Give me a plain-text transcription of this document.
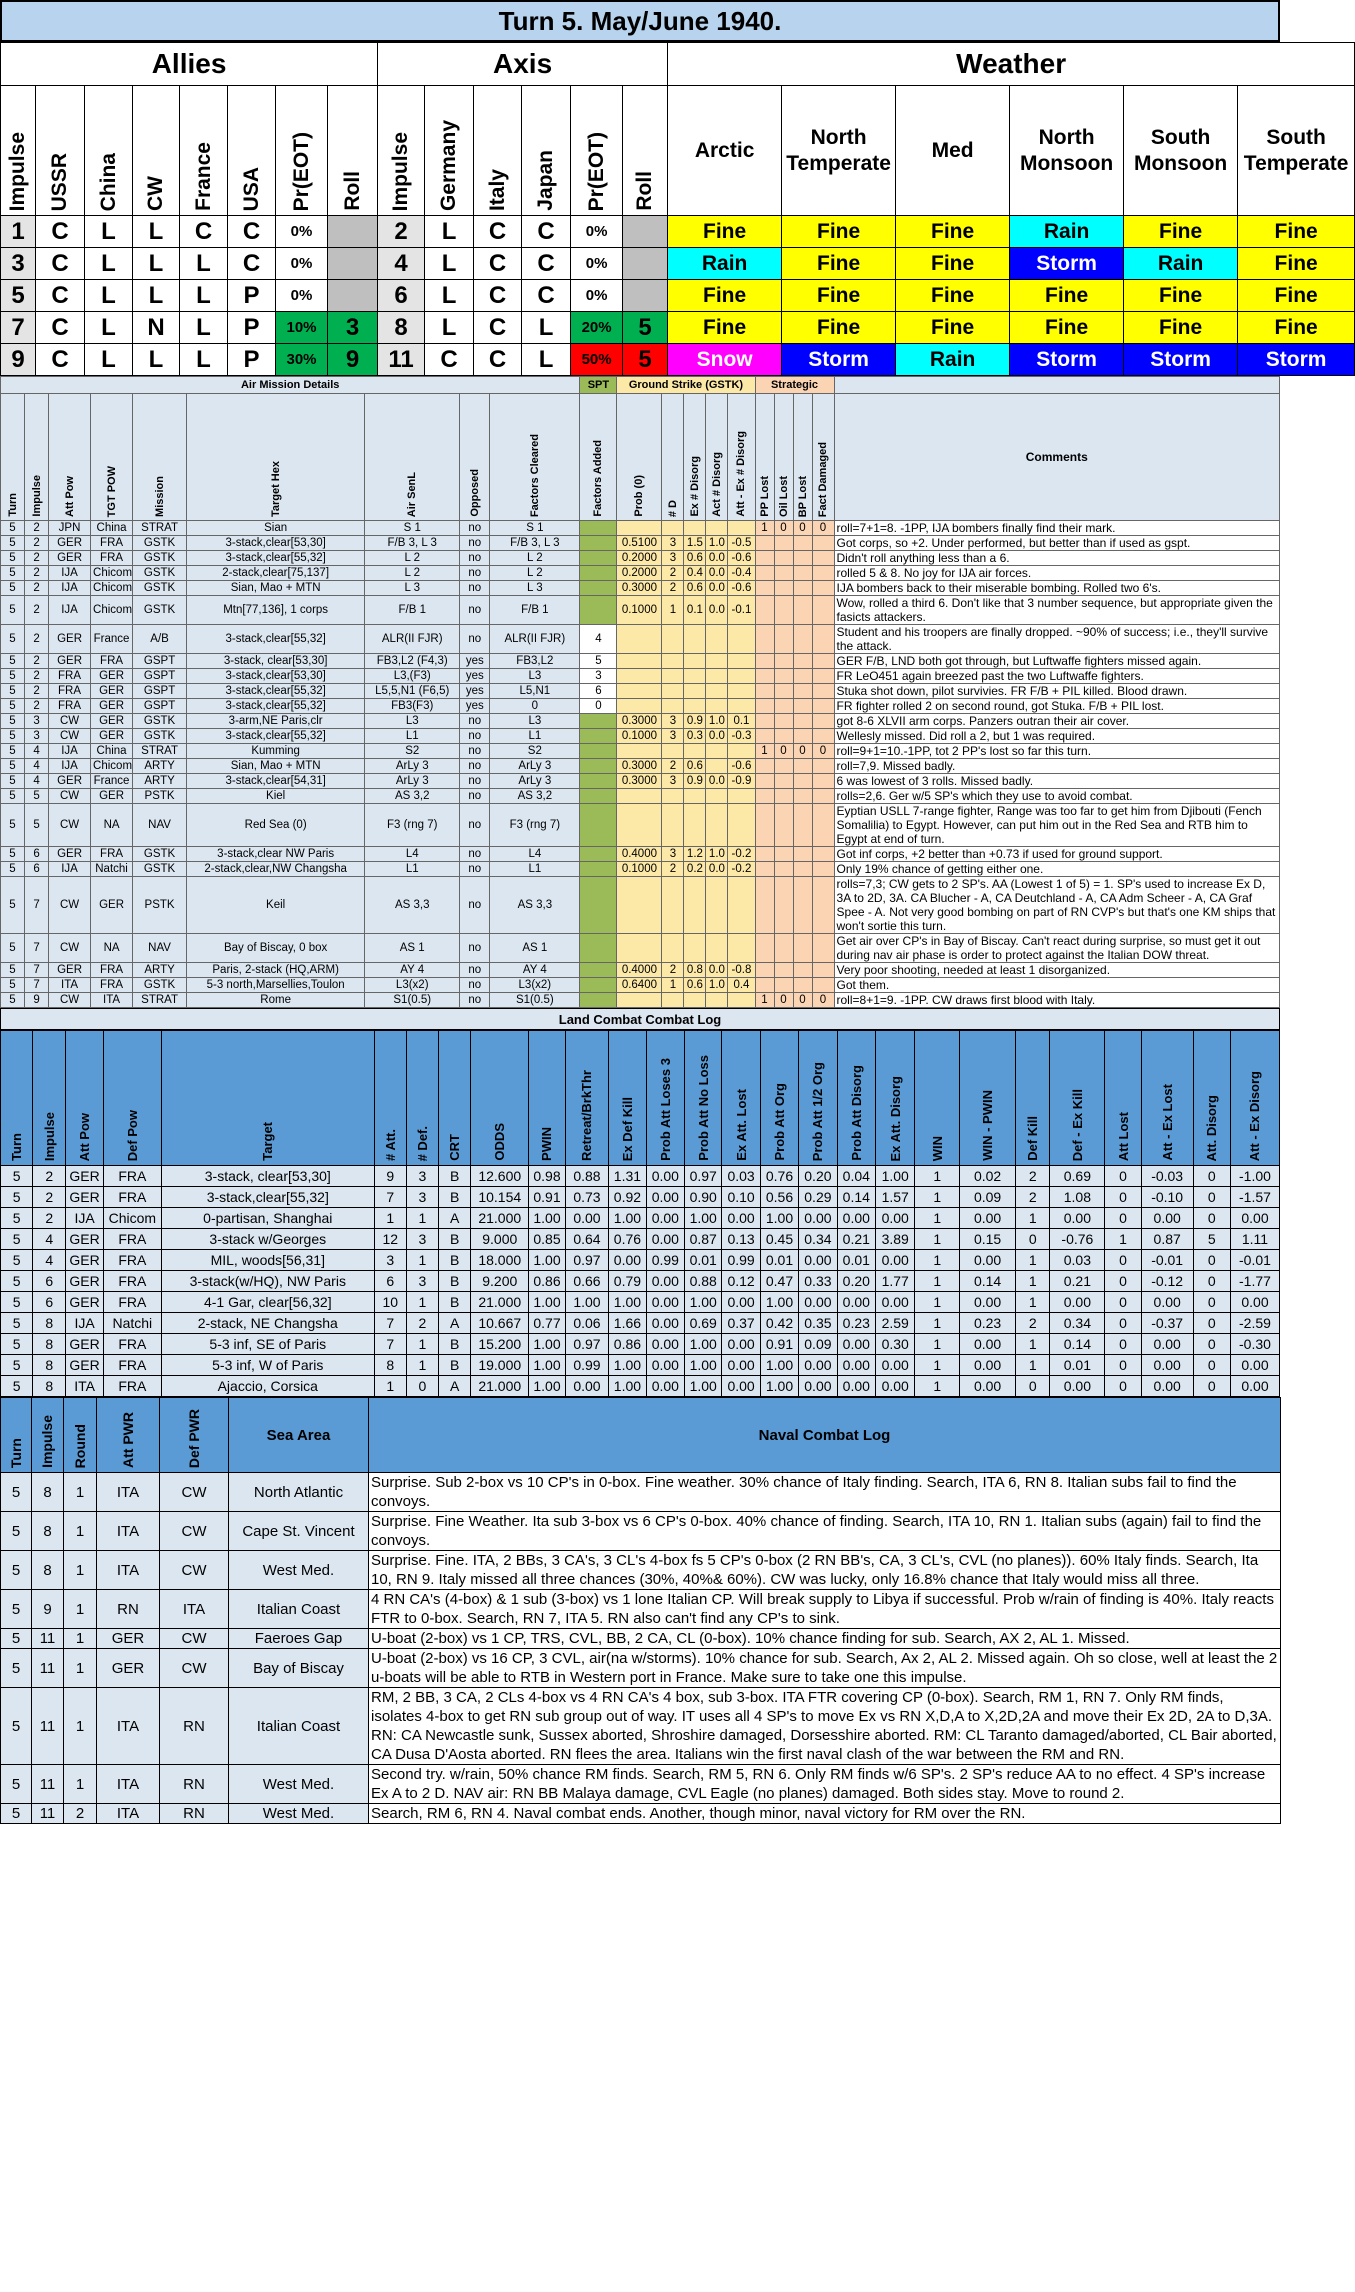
Turn 5. May/June 1940.
Allies								Axis						Weather					

Impulse	USSR	China	CW	France	USA	Pr(EOT)	Roll	Impulse	Germany	Italy	Japan	Pr(EOT)	Roll	Arctic	North Temperate	Med	North Monsoon	South Monsoon	South Temperate
1	C	L	L	C	C	0%		2	L	C	C	0%		Fine	Fine	Fine	Rain	Fine	Fine
3	C	L	L	L	C	0%		4	L	C	C	0%		Rain	Fine	Fine	Storm	Rain	Fine
5	C	L	L	L	P	0%		6	L	C	C	0%		Fine	Fine	Fine	Fine	Fine	Fine
7	C	L	N	L	P	10%	3	8	L	C	L	20%	5	Fine	Fine	Fine	Fine	Fine	Fine
9	C	L	L	L	P	30%	9	11	C	C	L	50%	5	Snow	Storm	Rain	Storm	Storm	Storm
Air Mission Details									SPT	Ground Strike (GSTK)					Strategic				

Turn	Impulse	Att Pow	TGT POW	Mission	Target Hex	Air SenL	Opposed	Factors Cleared	Factors Added	Prob (0)	# D	Ex # Disorg	Act # Disorg	Att - Ex # Disorg	PP Lost	Oil Lost	BP Lost	Fact Damaged	Comments
5	2	JPN	China	STRAT	Sian	S 1	no	S 1							1	0	0	0	roll=7+1=8. -1PP, IJA bombers finally find their mark.
5	2	GER	FRA	GSTK	3-stack,clear[53,30]	F/B 3, L 3	no	F/B 3, L 3		0.5100	3	1.5	1.0	-0.5					Got corps, so +2. Under performed, but better than if used as gspt.
5	2	GER	FRA	GSTK	3-stack,clear[55,32]	L 2	no	L 2		0.2000	3	0.6	0.0	-0.6					Didn't roll anything less than a 6.
5	2	IJA	Chicom	GSTK	2-stack,clear[75,137]	L 2	no	L 2		0.2000	2	0.4	0.0	-0.4					rolled 5 & 8. No joy for IJA air forces.
5	2	IJA	Chicom	GSTK	Sian, Mao + MTN	L 3	no	L 3		0.3000	2	0.6	0.0	-0.6					IJA bombers back to their miserable bombing. Rolled two 6's.
5	2	IJA	Chicom	GSTK	Mtn[77,136], 1 corps	F/B 1	no	F/B 1		0.1000	1	0.1	0.0	-0.1					Wow, rolled a third 6. Don't like that 3 number sequence, but appropriate given the fasicts attackers.
5	2	GER	France	A/B	3-stack,clear[55,32]	ALR(II FJR)	no	ALR(II FJR)	4										Student and his troopers are finally dropped. ~90% of success; i.e., they'll survive the attack.
5	2	GER	FRA	GSPT	3-stack, clear[53,30]	FB3,L2 (F4,3)	yes	FB3,L2	5										GER F/B, LND both got through, but Luftwaffe fighters missed again.
5	2	FRA	GER	GSPT	3-stack,clear[53,30]	L3,(F3)	yes	L3	3										FR LeO451 again breezed past the two Luftwaffe fighters.
5	2	FRA	GER	GSPT	3-stack,clear[55,32]	L5,5,N1 (F6,5)	yes	L5,N1	6										Stuka shot down, pilot survivies. FR F/B + PIL killed. Blood drawn.
5	2	FRA	GER	GSPT	3-stack,clear[55,32]	FB3(F3)	yes	0	0										FR fighter rolled 2 on second round, got Stuka. F/B + PIL lost.
5	3	CW	GER	GSTK	3-arm,NE Paris,clr	L3	no	L3		0.3000	3	0.9	1.0	0.1					got 8-6 XLVII arm corps. Panzers outran their air cover.
5	3	CW	GER	GSTK	3-stack,clear[55,32]	L1	no	L1		0.1000	3	0.3	0.0	-0.3					Wellesly missed. Did roll a 2, but 1 was required.
5	4	IJA	China	STRAT	Kumming	S2	no	S2							1	0	0	0	roll=9+1=10.-1PP, tot 2 PP's lost so far this turn.
5	4	IJA	Chicom	ARTY	Sian, Mao + MTN	ArLy 3	no	ArLy 3		0.3000	2	0.6		-0.6					roll=7,9. Missed badly.
5	4	GER	France	ARTY	3-stack,clear[54,31]	ArLy 3	no	ArLy 3		0.3000	3	0.9	0.0	-0.9					6 was lowest of 3 rolls. Missed badly.
5	5	CW	GER	PSTK	Kiel	AS 3,2	no	AS 3,2											rolls=2,6. Ger w/5 SP's which they use to avoid combat.
5	5	CW	NA	NAV	Red Sea (0)	F3 (rng 7)	no	F3 (rng 7)											Eyptian USLL 7-range fighter, Range was too far to get him from Djibouti (Fench Somalilia) to Egypt. However, can put him out in the Red Sea and RTB him to Egypt at end of turn.
5	6	GER	FRA	GSTK	3-stack,clear NW Paris	L4	no	L4		0.4000	3	1.2	1.0	-0.2					Got inf corps, +2 better than +0.73 if used for ground support.
5	6	IJA	Natchi	GSTK	2-stack,clear,NW Changsha	L1	no	L1		0.1000	2	0.2	0.0	-0.2					Only 19% chance of getting either one.
5	7	CW	GER	PSTK	Keil	AS 3,3	no	AS 3,3											rolls=7,3; CW gets to 2 SP's. AA (Lowest 1 of 5) = 1. SP's used to increase Ex D, 3A to 2D, 3A. CA Blucher - A, CA Deutchland - A, CA Adm Scheer - A, CA Graf Spee - A. Not very good bombing on part of RN CVP's but that's one KM ships that won't sortie this turn.
5	7	CW	NA	NAV	Bay of Biscay, 0 box	AS 1	no	AS 1											Get air over CP's in Bay of Biscay. Can't react during surprise, so must get it out during nav air phase is order to protect against the Italian DOW threat.
5	7	GER	FRA	ARTY	Paris, 2-stack (HQ,ARM)	AY 4	no	AY 4		0.4000	2	0.8	0.0	-0.8					Very poor shooting, needed at least 1 disorganized.
5	7	ITA	FRA	GSTK	5-3 north,Marsellies,Toulon	L3(x2)	no	L3(x2)		0.6400	1	0.6	1.0	0.4					Got them.
5	9	CW	ITA	STRAT	Rome	S1(0.5)	no	S1(0.5)							1	0	0	0	roll=8+1=9. -1PP. CW draws first blood with Italy.
Land Combat Combat Log
Turn	Impulse	Att Pow	Def Pow	Target	# Att.	# Def.	CRT	ODDS	PWIN	Retreat/BrkThr	Ex Def Kill	Prob Att Loses 3	Prob Att No Loss	Ex Att. Lost	Prob Att Org	Prob Att 1/2 Org	Prob Att Disorg	Ex Att. Disorg	WIN	WIN - PWIN	Def Kill	Def - Ex Kill	Att Lost	Att - Ex Lost	Att. Disorg	Att - Ex Disorg

5	2	GER	FRA	3-stack, clear[53,30]	9	3	B	12.600	0.98	0.88	1.31	0.00	0.97	0.03	0.76	0.20	0.04	1.00	1	0.02	2	0.69	0	-0.03	0	-1.00
5	2	GER	FRA	3-stack,clear[55,32]	7	3	B	10.154	0.91	0.73	0.92	0.00	0.90	0.10	0.56	0.29	0.14	1.57	1	0.09	2	1.08	0	-0.10	0	-1.57
5	2	IJA	Chicom	0-partisan, Shanghai	1	1	A	21.000	1.00	0.00	1.00	0.00	1.00	0.00	1.00	0.00	0.00	0.00	1	0.00	1	0.00	0	0.00	0	0.00
5	4	GER	FRA	3-stack w/Georges	12	3	B	9.000	0.85	0.64	0.76	0.00	0.87	0.13	0.45	0.34	0.21	3.89	1	0.15	0	-0.76	1	0.87	5	1.11
5	4	GER	FRA	MIL, woods[56,31]	3	1	B	18.000	1.00	0.97	0.00	0.99	0.01	0.99	0.01	0.00	0.01	0.00	1	0.00	1	0.03	0	-0.01	0	-0.01
5	6	GER	FRA	3-stack(w/HQ), NW Paris	6	3	B	9.200	0.86	0.66	0.79	0.00	0.88	0.12	0.47	0.33	0.20	1.77	1	0.14	1	0.21	0	-0.12	0	-1.77
5	6	GER	FRA	4-1 Gar, clear[56,32]	10	1	B	21.000	1.00	1.00	1.00	0.00	1.00	0.00	1.00	0.00	0.00	0.00	1	0.00	1	0.00	0	0.00	0	0.00
5	8	IJA	Natchi	2-stack, NE Changsha	7	2	A	10.667	0.77	0.06	1.66	0.00	0.69	0.37	0.42	0.35	0.23	2.59	1	0.23	2	0.34	0	-0.37	0	-2.59
5	8	GER	FRA	5-3 inf, SE of Paris	7	1	B	15.200	1.00	0.97	0.86	0.00	1.00	0.00	0.91	0.09	0.00	0.30	1	0.00	1	0.14	0	0.00	0	-0.30
5	8	GER	FRA	5-3 inf, W of Paris	8	1	B	19.000	1.00	0.99	1.00	0.00	1.00	0.00	1.00	0.00	0.00	0.00	1	0.00	1	0.01	0	0.00	0	0.00
5	8	ITA	FRA	Ajaccio, Corsica	1	0	A	21.000	1.00	0.00	1.00	0.00	1.00	0.00	1.00	0.00	0.00	0.00	1	0.00	0	0.00	0	0.00	0	0.00
Turn	Impulse	Round	Att PWR	Def PWR	Sea Area	Naval Combat Log
5	8	1	ITA	CW	North Atlantic	Surprise. Sub 2-box vs 10 CP's in 0-box. Fine weather. 30% chance of Italy finding. Search, ITA 6, RN 8. Italian subs fail to find the convoys.
5	8	1	ITA	CW	Cape St. Vincent	Surprise. Fine Weather. Ita sub 3-box vs 6 CP's 0-box. 40% chance of finding. Search, ITA 10, RN 1. Italian subs (again) fail to find the convoys.
5	8	1	ITA	CW	West Med.	Surprise. Fine. ITA, 2 BBs, 3 CA's, 3 CL's 4-box fs 5 CP's 0-box (2 RN BB's, CA, 3 CL's, CVL (no planes)). 60% Italy finds. Search, Ita 10, RN 9. Italy missed all three chances (30%, 40%& 60%). CW was lucky, only 16.8% chance that Italy would miss all three.
5	9	1	RN	ITA	Italian Coast	4 RN CA's (4-box) & 1 sub (3-box) vs 1 lone Italian CP. Will break supply to Libya if successful. Prob w/rain of finding is 40%. Italy reacts FTR to 0-box. Search, RN 7, ITA 5. RN also can't find any CP's to sink.
5	11	1	GER	CW	Faeroes Gap	U-boat (2-box) vs 1 CP, TRS, CVL, BB, 2 CA, CL (0-box). 10% chance finding for sub. Search, AX 2, AL 1. Missed.
5	11	1	GER	CW	Bay of Biscay	U-boat (2-box) vs 16 CP, 3 CVL, air(na w/storms). 10% chance for sub. Search, Ax 2, AL 2. Missed again. Oh so close, well at least the 2 u-boats will be able to RTB in Western port in France. Make sure to take one this impulse.
5	11	1	ITA	RN	Italian Coast	RM, 2 BB, 3 CA, 2 CLs 4-box vs 4 RN CA's 4 box, sub 3-box. ITA FTR covering CP (0-box). Search, RM 1, RN 7. Only RM finds, isolates 4-box to get RN sub group out of way. IT uses all 4 SP's to move Ex vs RN X,D,A to X,2D,2A and move their Ex 2D, 2A to D,3A. RN: CA Newcastle sunk, Sussex aborted, Shroshire damaged, Dorsesshire aborted. RM: CL Taranto damaged/aborted, CL Bair aborted, CA Dusa D'Aosta aborted. RN flees the area. Italians win the first naval clash of the war between the RM and RN.
5	11	1	ITA	RN	West Med.	Second try. w/rain, 50% chance RM finds. Search, RM 5, RN 6. Only RM finds w/6 SP's. 2 SP's reduce AA to no effect. 4 SP's increase Ex A to 2 D. NAV air: RN BB Malaya damage, CVL Eagle (no planes) damaged. Both sides stay. Move to round 2.
5	11	2	ITA	RN	West Med.	Search, RM 6, RN 4. Naval combat ends. Another, though minor, naval victory for RM over the RN.
